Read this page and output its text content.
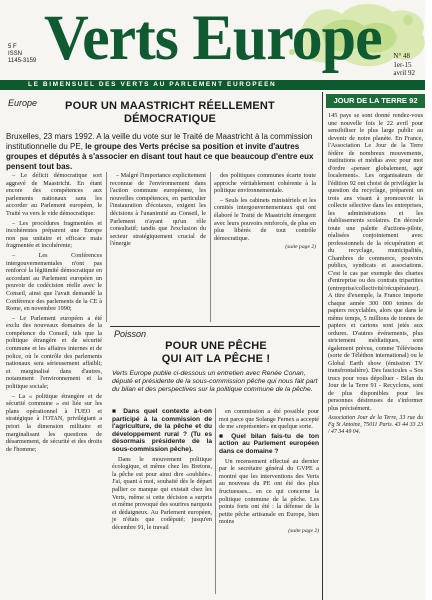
5 F
ISSN
1145-3159 Verts Europe N° 48
1er-15
avril 92
LE BIMENSUEL DES VERTS AU PARLEMENT EUROPEEN
Europe	POUR UN MAASTRICHT RÉELLEMENT
DÉMOCRATIQUE
Bruxelles, 23 mars 1992. A la veille du vote sur le Traité de Maastricht à la commission institutionnelle du PE, le groupe des Verts précise sa position et invite d'autres groupes et députés à s'associer en disant tout haut ce que beaucoup d'entre eux pensent tout bas.

– Le déficit démocratique sort aggravé de Maastricht. En étant encore des compétences aux parlements nationaux sans les accorder au Parlement européen, le Traité va vers le vide démocratique:

– Les procédures fragmentées et incohérentes préparent une Europe non pas unitaire et efficace mais fragmentée et incohérente;

– Les Conférences intergouvernementales n'ont pas renforcé la légitimité démocratique en accordant au Parlement européen un pouvoir de codécision réelle avec le Conseil, ainsi que l'avait demandé la Conférence des parlements de la CE à Rome, en novembre 1990;

– Le Parlement européen a été exclu des nouveaux domaines de la compétence du Conseil, tels que la politique étrangère et de sécurité commune et les affaires internes et de police, où le contrôle des parlements nationaux sera sérieusement affaibli; et marginalisé dans d'autres, notamment l'environnement et la politique sociale;

– La « politique étrangère et de sécurité commune » est liée sur les plans opérationnel à l'UEO et stratégique à l'OTAN, privilégiant a priori la dimension militaire et marginalisant les questions de désarmement, de sécurité et des droits de l'homme;

– Malgré l'importance explicitement reconnue de l'environnement dans l'action commune européenne, les nouvelles compétences, en particulier l'instauration d'écotaxes, exigent les décisions à l'unanimité au Conseil, le Parlement n'ayant qu'un rôle consultatif; tandis que l'exclusion du secteur stratégiquement crucial de l'énergie

des politiques communes écarte toute approche véritablement cohérente à la politique environnementale.

– Seuls les cabinets ministériels et les comités intergouvernementaux qui ont élaboré le Traité de Maastricht émergent avec leurs pouvoirs renforcés, de plus en plus libérés de tout contrôle démocratique.

(suite page 2)
Poisson
POUR UNE PÊCHE
QUI AIT LA PÊCHE !
Verts Europe publie ci-dessous un entretien avec Renée Conan, député et présidente de la sous-commission pêche qui nous fait part du bilan et des perspectives sur la politique commune de la pêche.

■ Dans quel contexte a-t-on participé à la commission de l'agriculture, de la pêche et du développement rural ? (Tu es désormais présidente de la sous-commission pêche).

Dans le mouvement politique écologique, et même chez les Bretons, la pêche est pour ainsi dire «oubliée». J'ai, quant à moi, souhaité dès le départ pallier ce manque qui existait chez les Verts, même si cette décision a surpris et même provoqué des sourires narquois et dédaigneux. Au Parlement européen, je n'étais que codéputé; jusqu'en décembre 91, le travail

en commission a été possible pour moi parce que Solange Fernex a accepté de me «représenter» en quelque sorte.

■ Quel bilan fais-tu de ton action au Parlement européen dans ce domaine ?

Un recensement effectué au dernier par le secrétaire général du GVPE a montré que les interventions des Verts au nouveau du PE ont été des plus fructueuses... en ce qui concerne la politique commune de la pêche. Les points forts ont été : la défense de la petite pêche artisanale en Europe, bien moins

(suite page 2)
JOUR DE LA TERRE 92

145 pays se sont donné rendez-vous une nouvelle fois le 22 avril pour sensibiliser le plus large public au devenir de notre planète. En France, l'Association Le Jour de la Terre fédère de nombreux mouvements, institutions et médias avec pour mot d'ordre «penser globalement, agir localement». Les organisateurs de l'édition 92 ont choisi de privilégier la question du recyclage, préparent un trois ans visant à promouvoir la collecte sélective dans les entreprises, les administrations et les établissements scolaires. En découle toute une palette d'actions-pilote, réalisées conjointement avec professionnels de la récupération et du recyclage, municipalités, Chambres de commerce, pouvoirs publics, syndicats et associations. C'est le cas par exemple des chartes d'entreprise ou des contrats tripartites (entreprise/collectivité/récupérateur). A titre d'exemple, la France importe chaque année 300 000 tonnes de papiers recyclables, alors que dans le même temps, 5 millions de tonnes de papiers et cartons sont jetés aux ordures. D'autres événements, plus strictement médiatiques, sont également prévus, comme Télévisons (sorte de Téléthon international) ou le Global Earth show (émission TV transfrontalière). Des fascicules « Sos trucs pour vous dépolluer - Bilan du Jour de la Terre 91 - Recyclons, sont de plus disponibles pour les personnes désireuses de s'informer plus précisément.

Association Jour de la Terre, 33 rue du Fg St Antoine, 75011 Paris. 43 44 33 23 / 47 34 49 04.
